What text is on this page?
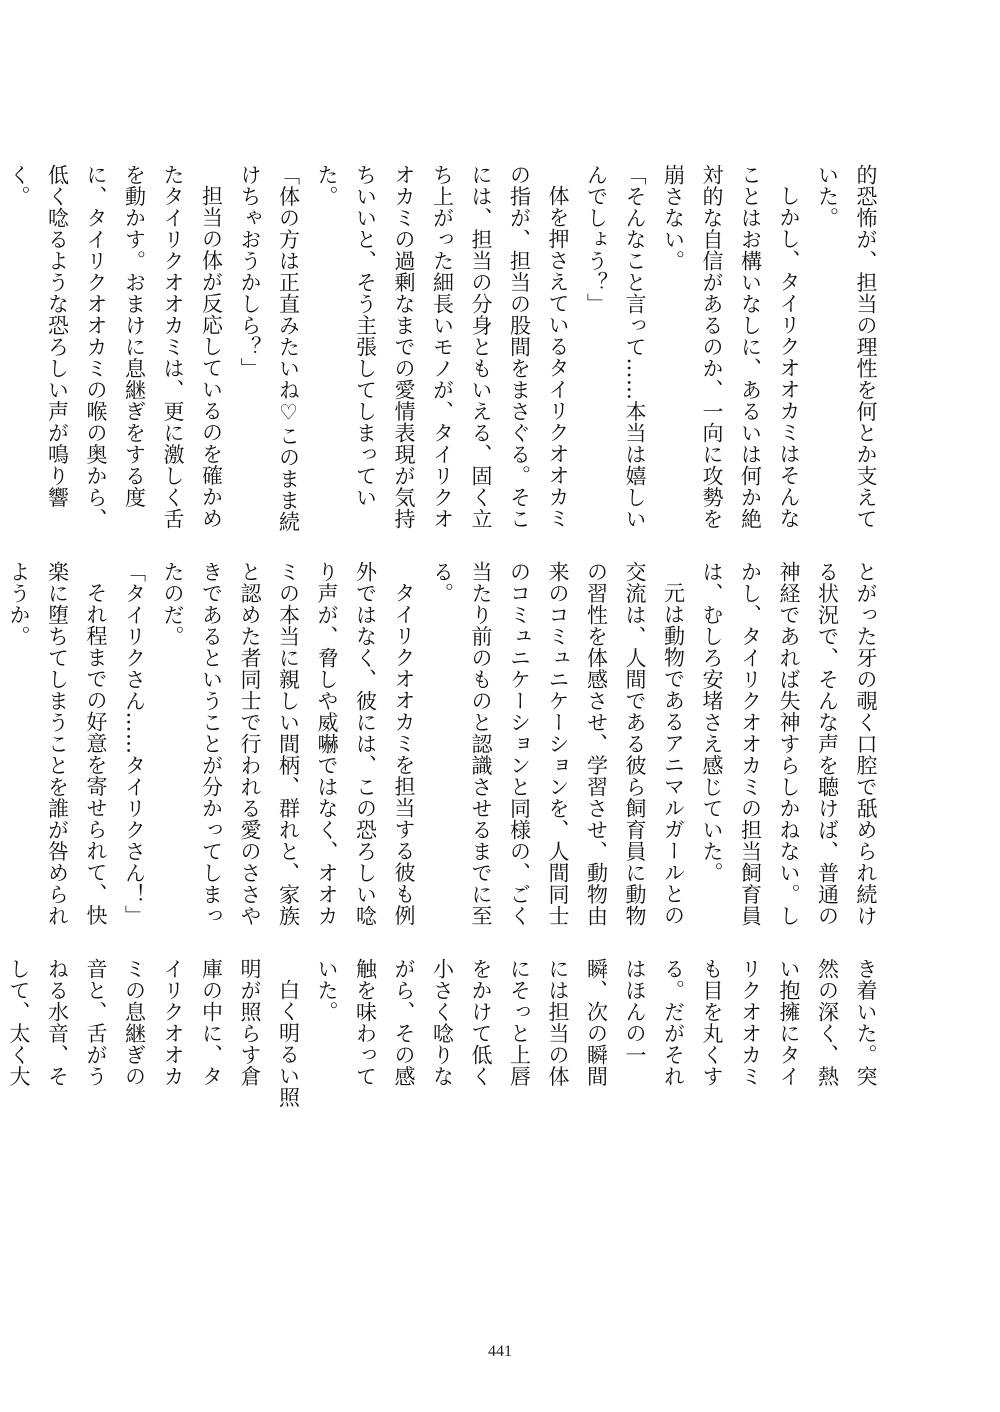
的恐怖が、担当の理性を何とか支えていた。

しかし、タイリクオオカミはそんなことはお構いなしに、あるいは何か絶対的な自信があるのか、一向に攻勢を崩さない。

「そんなこと言って……本当は嬉しいんでしょう？」

体を押さえているタイリクオオカミの指が、担当の股間をまさぐる。そこには、担当の分身ともいえる、固く立ち上がった細長いモノが、タイリクオオカミの過剰なまでの愛情表現が気持ちいいと、そう主張してしまっていた。

「体の方は正直みたいね♡このまま続けちゃおうかしら？」

担当の体が反応しているのを確かめたタイリクオオカミは、更に激しく舌を動かす。おまけに息継ぎをする度に、タイリクオオカミの喉の奥から、低く唸るような恐ろしい声が鳴り響く。

とがった牙の覗く口腔で舐められ続ける状況で、そんな声を聴けば、普通の神経であれば失神すらしかねない。しかし、タイリクオオカミの担当飼育員は、むしろ安堵さえ感じていた。

元は動物であるアニマルガールとの交流は、人間である彼ら飼育員に動物の習性を体感させ、学習させ、動物由来のコミュニケーションを、人間同士のコミュニケーションと同様の、ごく当たり前のものと認識させるまでに至る。

タイリクオオカミを担当する彼も例外ではなく、彼には、この恐ろしい唸り声が、脅しや威嚇ではなく、オオカミの本当に親しい間柄、群れと、家族と認めた者同士で行われる愛のささやきであるということが分かってしまったのだ。

「タイリクさん……タイリクさん！」

それ程までの好意を寄せられて、快楽に堕ちてしまうことを誰が咎められようか。

き着いた。突然の深く、熱い抱擁にタイリクオオカミも目を丸くする。だがそれはほんの一瞬、次の瞬間には担当の体にそっと上唇をかけて低く小さく唸りながら、その感触を味わっていた。

白く明るい照明が照らす倉庫の中に、タイリクオオカミの息継ぎの音と、舌がうねる水音、そして、太く大

441
